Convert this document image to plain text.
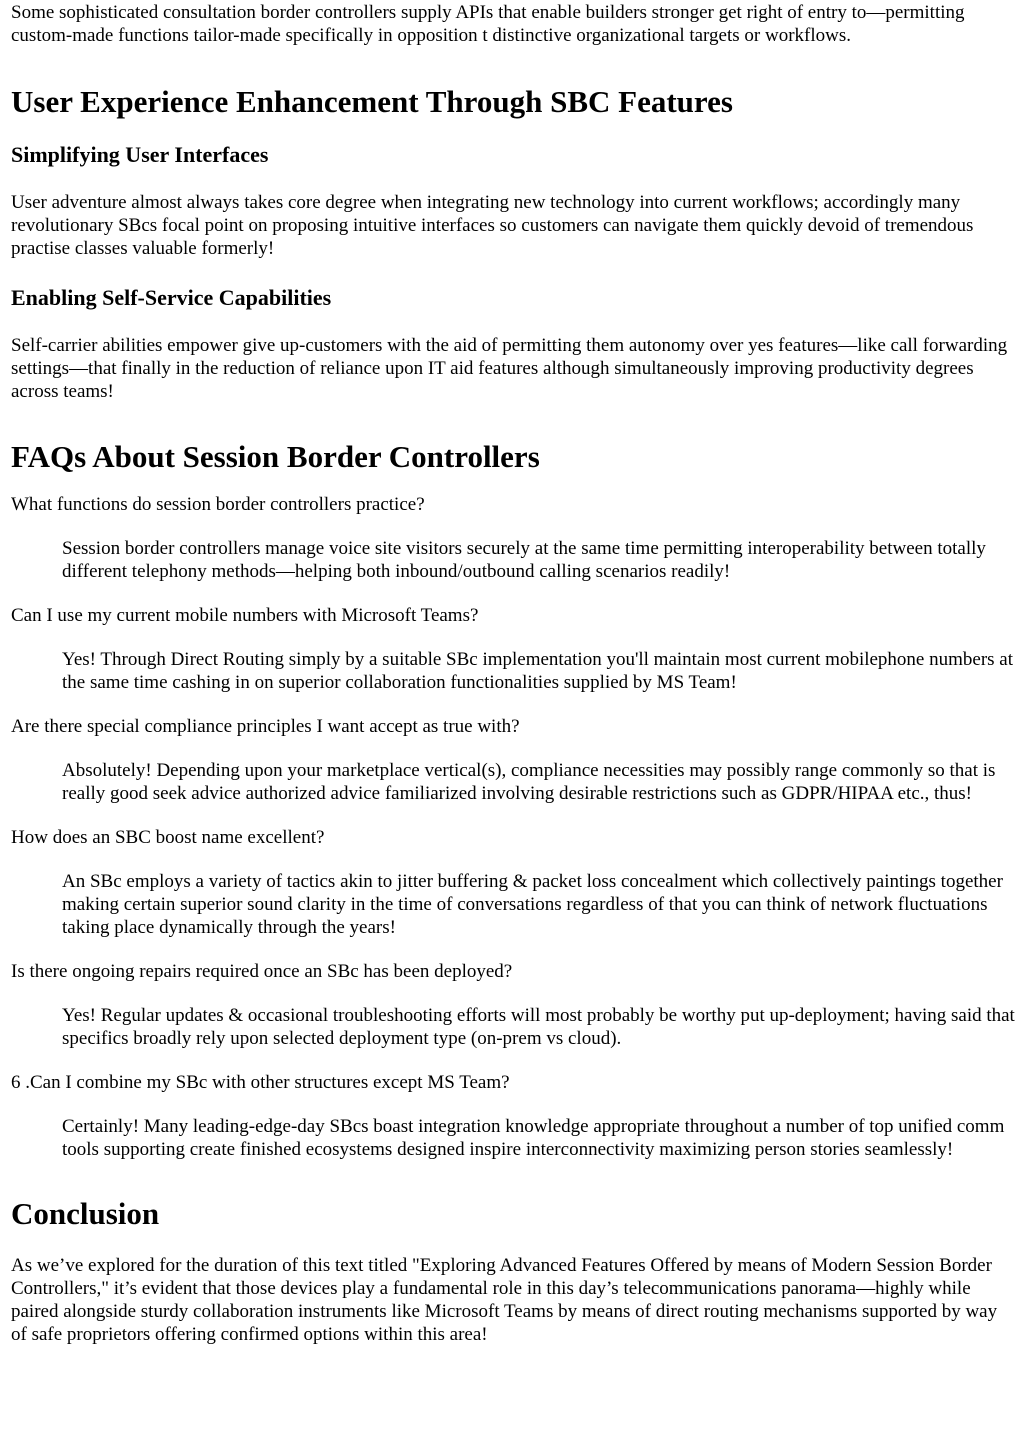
Some sophisticated consultation border controllers supply APIs that enable builders stronger get right of entry to—permitting custom-made functions tailor-made specifically in opposition t distinctive organizational targets or workflows.

User Experience Enhancement Through SBC Features
Simplifying User Interfaces

User adventure almost always takes core degree when integrating new technology into current workflows; accordingly many revolutionary SBcs focal point on proposing intuitive interfaces so customers can navigate them quickly devoid of tremendous practise classes valuable formerly!

Enabling Self-Service Capabilities

Self-carrier abilities empower give up-customers with the aid of permitting them autonomy over yes features—like call forwarding settings—that finally in the reduction of reliance upon IT aid features although simultaneously improving productivity degrees across teams!

FAQs About Session Border Controllers

What functions do session border controllers practice?

Session border controllers manage voice site visitors securely at the same time permitting interoperability between totally different telephony methods—helping both inbound/outbound calling scenarios readily!

Can I use my current mobile numbers with Microsoft Teams?

Yes! Through Direct Routing simply by a suitable SBc implementation you'll maintain most current mobilephone numbers at the same time cashing in on superior collaboration functionalities supplied by MS Team!

Are there special compliance principles I want accept as true with?

Absolutely! Depending upon your marketplace vertical(s), compliance necessities may possibly range commonly so that is really good seek advice authorized advice familiarized involving desirable restrictions such as GDPR/HIPAA etc., thus!

How does an SBC boost name excellent?

An SBc employs a variety of tactics akin to jitter buffering & packet loss concealment which collectively paintings together making certain superior sound clarity in the time of conversations regardless of that you can think of network fluctuations taking place dynamically through the years!

Is there ongoing repairs required once an SBc has been deployed?

Yes! Regular updates & occasional troubleshooting efforts will most probably be worthy put up-deployment; having said that specifics broadly rely upon selected deployment type (on-prem vs cloud).

6 .Can I combine my SBc with other structures except MS Team?

Certainly! Many leading-edge-day SBcs boast integration knowledge appropriate throughout a number of top unified comm tools supporting create finished ecosystems designed inspire interconnectivity maximizing person stories seamlessly!

Conclusion

As we’ve explored for the duration of this text titled "Exploring Advanced Features Offered by means of Modern Session Border Controllers," it’s evident that those devices play a fundamental role in this day’s telecommunications panorama—highly while paired alongside sturdy collaboration instruments like Microsoft Teams by means of direct routing mechanisms supported by way of safe proprietors offering confirmed options within this area!
